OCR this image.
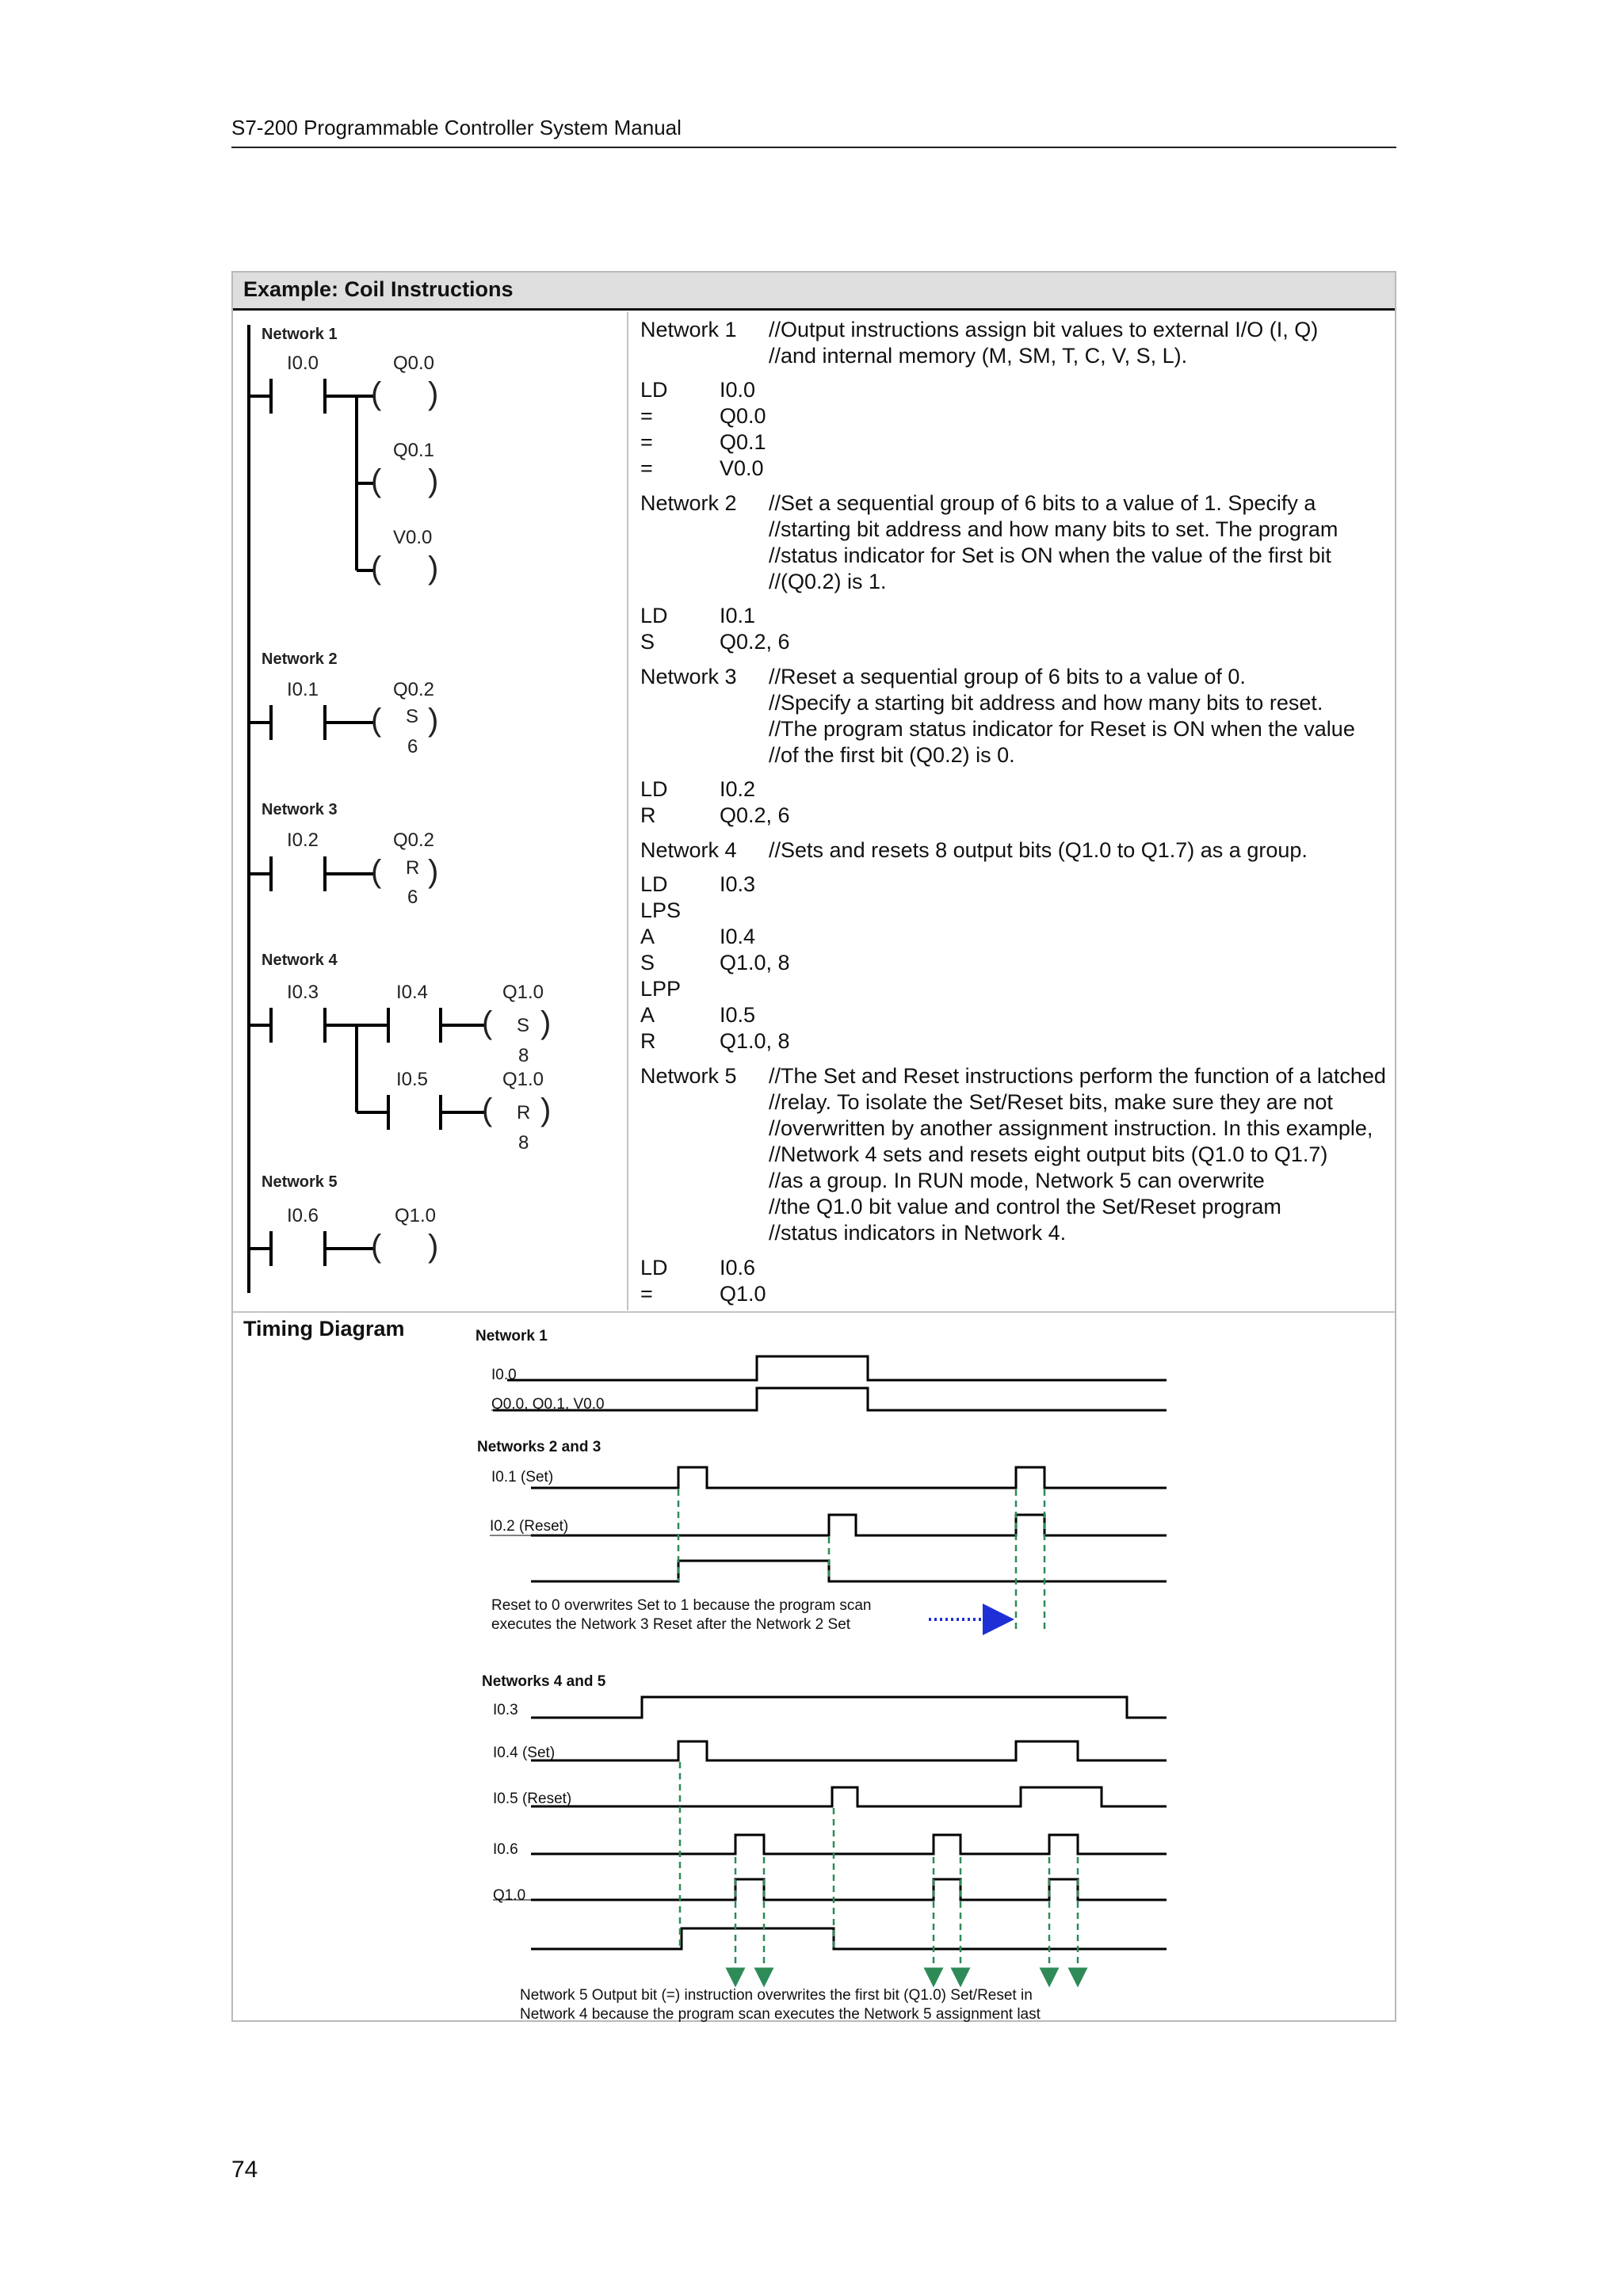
S7-200 Programmable Controller System Manual
Example: Coil Instructions
( )
( )
( )
( )
( )
( )
( )
( )
Network 1
Network 2
Network 3
Network 4
Network 5
I0.0
I0.1
I0.2
I0.3	I0.4
I0.5
I0.6
Q0.0
Q0.1
V0.0
Q0.2
Q0.2
Q1.0
Q1.0
Q1.0
S
6
R
6
S
8
R
8
Network 1 //Output instructions assign bit values to external I/O (I, Q)
//and internal memory (M, SM, T, C, V, S, L).
LD I0.0
=	Q0.0
=	Q0.1
=	V0.0
Network 2 //Set a sequential group of 6 bits to a value of 1. Specify a
//starting bit address and how many bits to set. The program
//status indicator for Set is ON when the value of the first bit
//(Q0.2) is 1.
LD I0.1
S	Q0.2, 6
Network 3 //Reset a sequential group of 6 bits to a value of 0.
//Specify a starting bit address and how many bits to reset.
//The program status indicator for Reset is ON when the value
//of the first bit (Q0.2) is 0.
LD I0.2
R	Q0.2, 6
Network 4 //Sets and resets 8 output bits (Q1.0 to Q1.7) as a group.
LD I0.3
LPS
A	I0.4
S	Q1.0, 8
LPP
A	I0.5
R	Q1.0, 8
Network 5 //The Set and Reset instructions perform the function of a latched
//relay. To isolate the Set/Reset bits, make sure they are not
//overwritten by another assignment instruction. In this example,
//Network 4 sets and resets eight output bits (Q1.0 to Q1.7)
//as a group. In RUN mode, Network 5 can overwrite
//the Q1.0 bit value and control the Set/Reset program
//status indicators in Network 4.
LD I0.6
=	Q1.0
Timing Diagram	Network 1
I0.0
Q0.0, Q0.1, V0.0
Networks 2 and 3
I0.1 (Set)
I0.2 (Reset)
Reset to 0 overwrites Set to 1 because the program scan
executes the Network 3 Reset after the Network 2 Set
Networks 4 and 5
I0.3
I0.4 (Set)
I0.5 (Reset)
I0.6
Q1.0
Network 5 Output bit (=) instruction overwrites the first bit (Q1.0) Set/Reset in
Network 4 because the program scan executes the Network 5 assignment last
74
